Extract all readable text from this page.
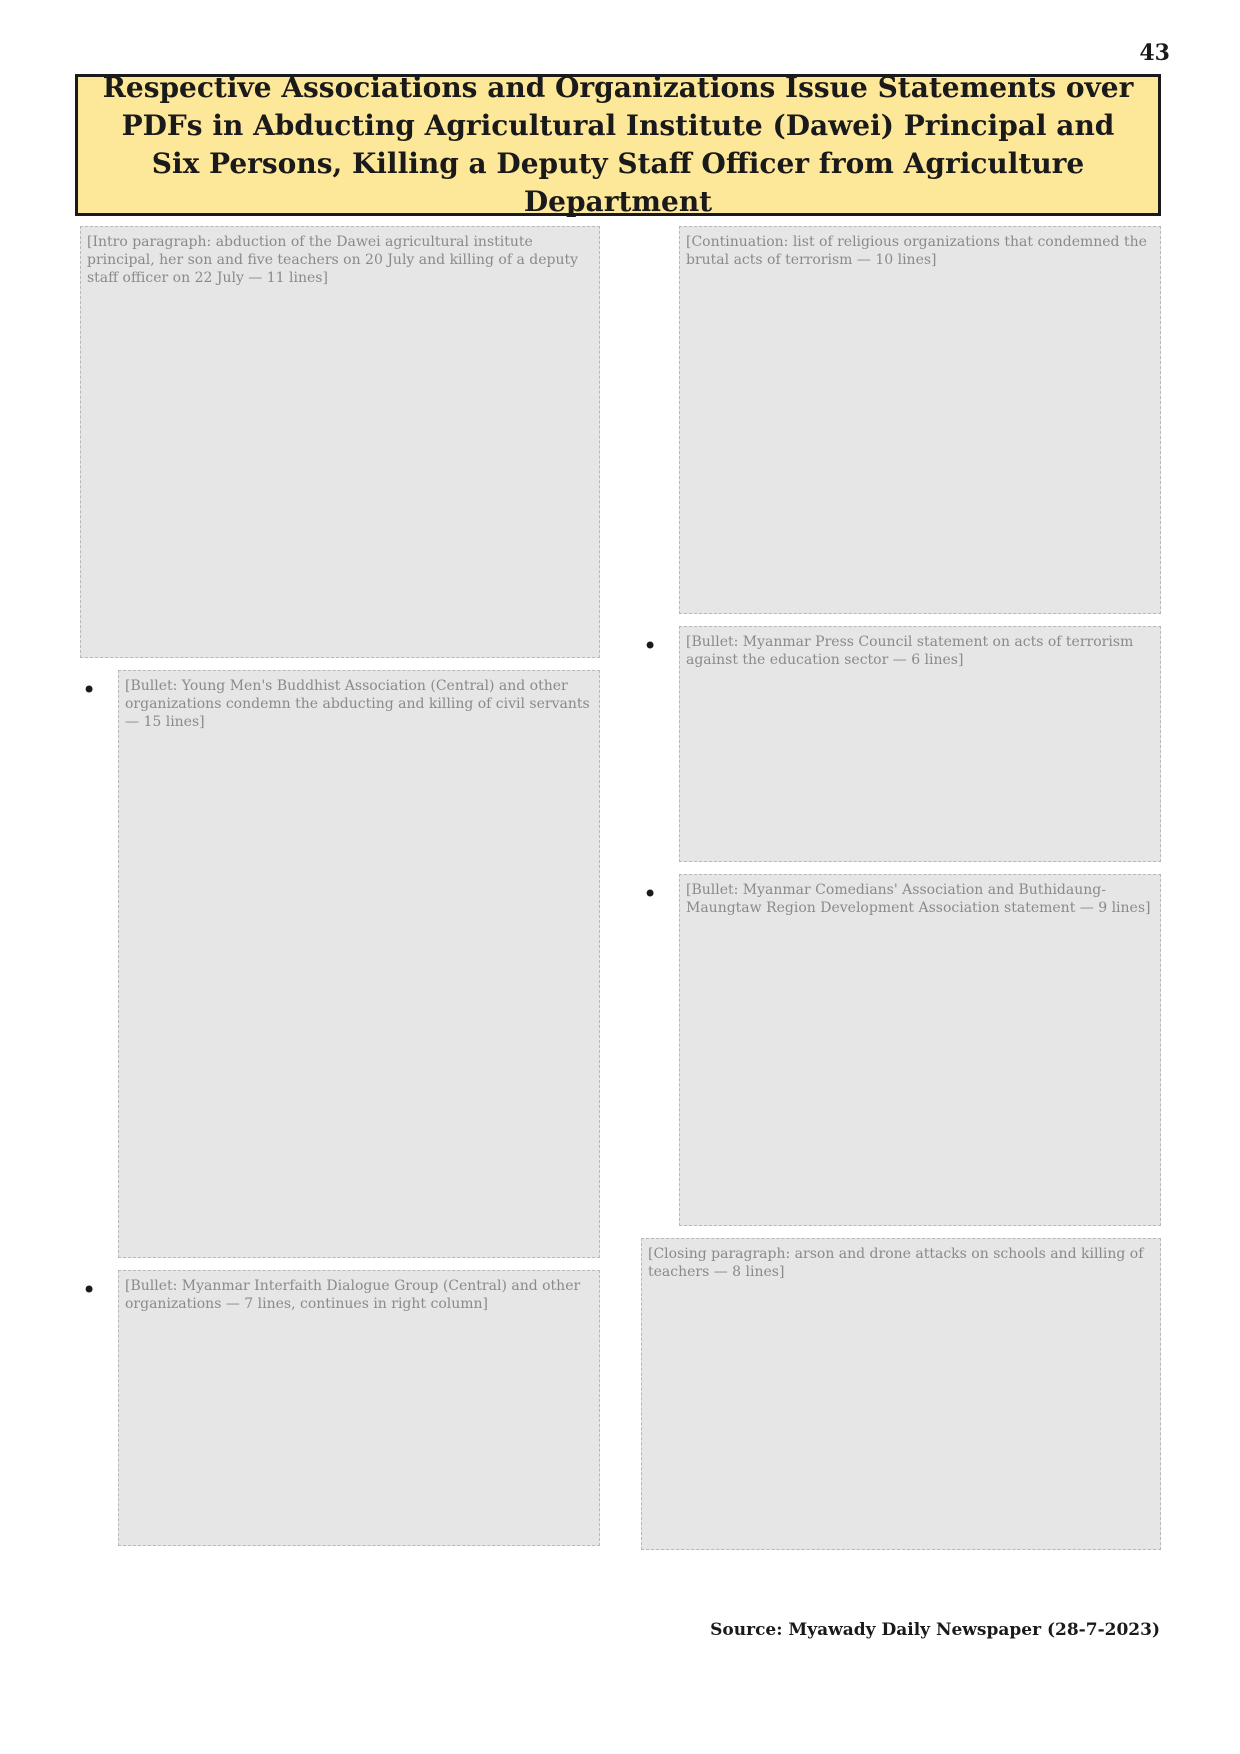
43
Respective Associations and Organizations Issue Statements over PDFs in Abducting Agricultural Institute (Dawei) Principal and Six Persons, Killing a Deputy Staff Officer from Agriculture Department
[Intro paragraph: abduction of the Dawei agricultural institute principal, her son and five teachers on 20 July and killing of a deputy staff officer on 22 July — 11 lines]
•	[Bullet: Young Men's Buddhist Association (Central) and other organizations condemn the abducting and killing of civil servants — 15 lines]
•	[Bullet: Myanmar Interfaith Dialogue Group (Central) and other organizations — 7 lines, continues in right column]
[Continuation: list of religious organizations that condemned the brutal acts of terrorism — 10 lines]
•	[Bullet: Myanmar Press Council statement on acts of terrorism against the education sector — 6 lines]
•	[Bullet: Myanmar Comedians' Association and Buthidaung-Maungtaw Region Development Association statement — 9 lines]
[Closing paragraph: arson and drone attacks on schools and killing of teachers — 8 lines]
Source: Myawady Daily Newspaper (28-7-2023)
